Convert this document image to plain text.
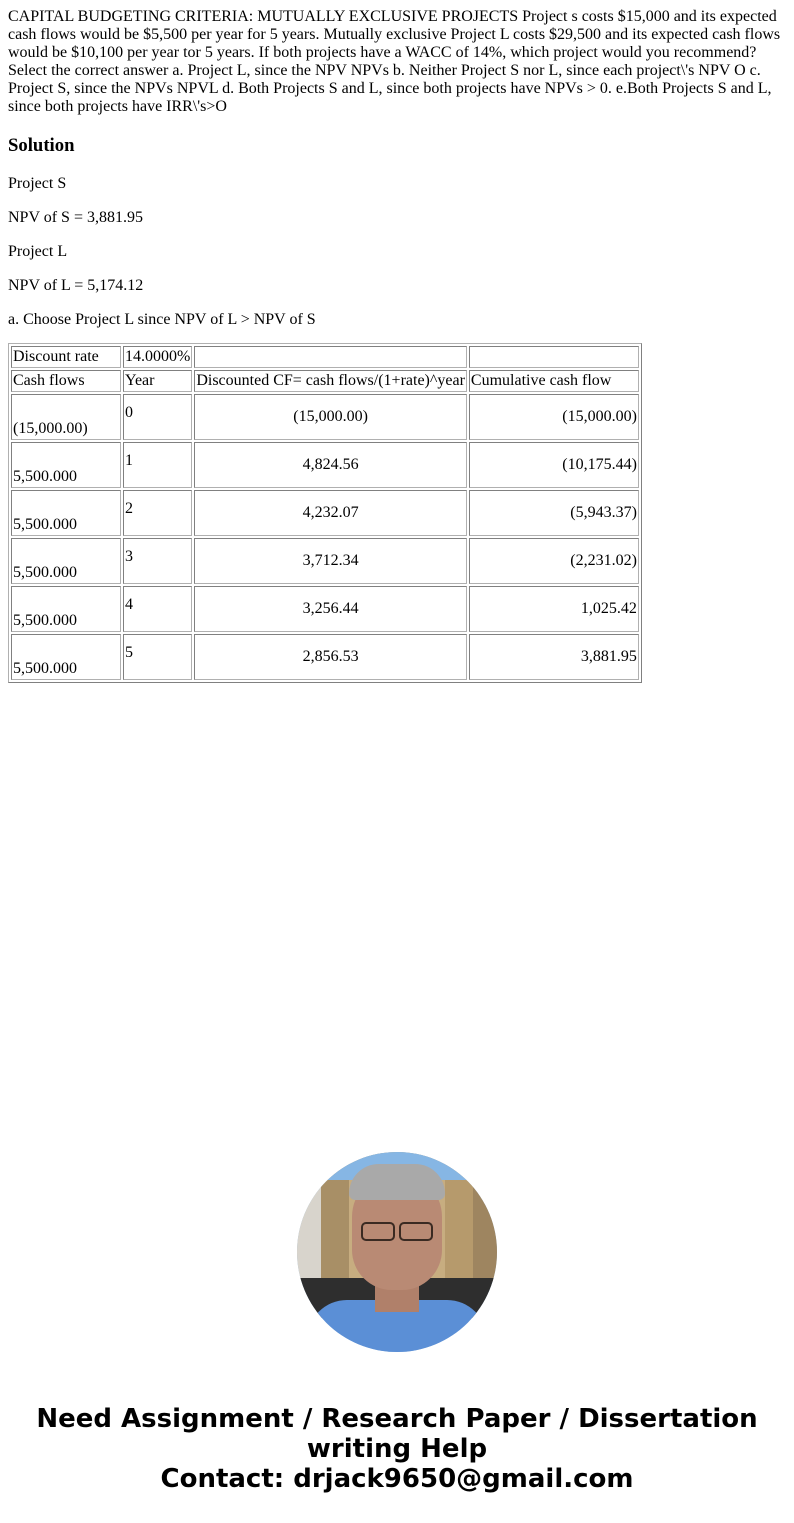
CAPITAL BUDGETING CRITERIA: MUTUALLY EXCLUSIVE PROJECTS Project s costs $15,000 and its expected cash flows would be $5,500 per year for 5 years. Mutually exclusive Project L costs $29,500 and its expected cash flows would be $10,100 per year tor 5 years. If both projects have a WACC of 14%, which project would you recommend? Select the correct answer a. Project L, since the NPV NPVs b. Neither Project S nor L, since each project\'s NPV O c. Project S, since the NPVs NPVL d. Both Projects S and L, since both projects have NPVs > 0. e.Both Projects S and L, since both projects have IRR\'s>O

Solution

Project S

NPV of S = 3,881.95

Project L

NPV of L = 5,174.12

a. Choose Project L since NPV of L > NPV of S

Discount rate	14.0000%		
Cash flows	Year	Discounted CF= cash flows/(1+rate)^year	Cumulative cash flow
(15,000.00)	0	(15,000.00)	(15,000.00)
5,500.000	1	4,824.56	(10,175.44)
5,500.000	2	4,232.07	(5,943.37)
5,500.000	3	3,712.34	(2,231.02)
5,500.000	4	3,256.44	1,025.42
5,500.000	5	2,856.53	3,881.95
Need Assignment / Research Paper / Dissertation
writing Help
Contact: drjack9650@gmail.com
